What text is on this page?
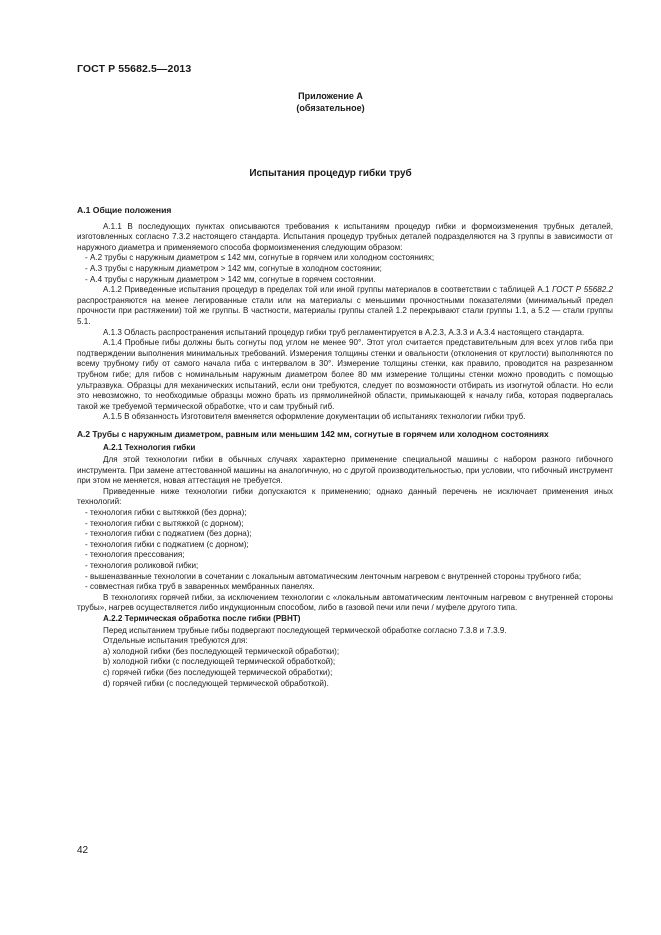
ГОСТ Р 55682.5—2013
Приложение А
(обязательное)
Испытания процедур гибки труб

А.1 Общие положения

А.1.1 В последующих пунктах описываются требования к испытаниям процедур гибки и формоизменения трубных деталей, изготовленных согласно 7.3.2 настоящего стандарта. Испытания процедур трубных деталей подразделяются на 3 группы в зависимости от наружного диаметра и применяемого способа формоизменения следующим образом:

- А.2 трубы с наружным диаметром ≤ 142 мм, согнутые в горячем или холодном состояниях;

- А.3 трубы с наружным диаметром > 142 мм, согнутые в холодном состоянии;

- А.4 трубы с наружным диаметром > 142 мм, согнутые в горячем состоянии.

А.1.2 Приведенные испытания процедур в пределах той или иной группы материалов в соответствии с таблицей А.1 ГОСТ Р 55682.2 распространяются на менее легированные стали или на материалы с меньшими прочностными показателями (минимальный предел прочности при растяжении) той же группы. В частности, материалы группы сталей 1.2 перекрывают стали группы 1.1, а 5.2 — стали группы 5.1.

А.1.3 Область распространения испытаний процедур гибки труб регламентируется в А.2.3, А.3.3 и А.3.4 настоящего стандарта.

А.1.4 Пробные гибы должны быть согнуты под углом не менее 90°. Этот угол считается представительным для всех углов гиба при подтверждении выполнения минимальных требований. Измерения толщины стенки и овальности (отклонения от круглости) выполняются по всему трубному гибу от самого начала гиба с интервалом в 30°. Измерение толщины стенки, как правило, проводится на разрезанном трубном гибе; для гибов с номинальным наружным диаметром более 80 мм измерение толщины стенки можно проводить с помощью ультразвука. Образцы для механических испытаний, если они требуются, следует по возможности отбирать из изогнутой области. Но если это невозможно, то необходимые образцы можно брать из прямолинейной области, примыкающей к началу гиба, которая подвергалась такой же требуемой термической обработке, что и сам трубный гиб.

А.1.5 В обязанность Изготовителя вменяется оформление документации об испытаниях технологии гибки труб.

А.2 Трубы с наружным диаметром, равным или меньшим 142 мм, согнутые в горячем или холодном состояниях

А.2.1 Технология гибки

Для этой технологии гибки в обычных случаях характерно применение специальной машины с набором разного гибочного инструмента. При замене аттестованной машины на аналогичную, но с другой производительностью, при условии, что гибочный инструмент при этом не меняется, новая аттестация не требуется.

Приведенные ниже технологии гибки допускаются к применению; однако данный перечень не исключает применения иных технологий:

- технология гибки с вытяжкой (без дорна);

- технология гибки с вытяжкой (с дорном);

- технология гибки с поджатием (без дорна);

- технология гибки с поджатием (с дорном);

- технология прессования;

- технология роликовой гибки;

- вышеназванные технологии в сочетании с локальным автоматическим ленточным нагревом с внутренней стороны трубного гиба;

- совместная гибка труб в заваренных мембранных панелях.

В технологиях горячей гибки, за исключением технологии с «локальным автоматическим ленточным нагревом с внутренней стороны трубы», нагрев осуществляется либо индукционным способом, либо в газовой печи или печи / муфеле другого типа.

А.2.2 Термическая обработка после гибки (PBHT)

Перед испытанием трубные гибы подвергают последующей термической обработке согласно 7.3.8 и 7.3.9.

Отдельные испытания требуются для:

a) холодной гибки (без последующей термической обработки);

b) холодной гибки (с последующей термической обработкой);

c) горячей гибки (без последующей термической обработки);

d) горячей гибки (с последующей термической обработкой).

42
